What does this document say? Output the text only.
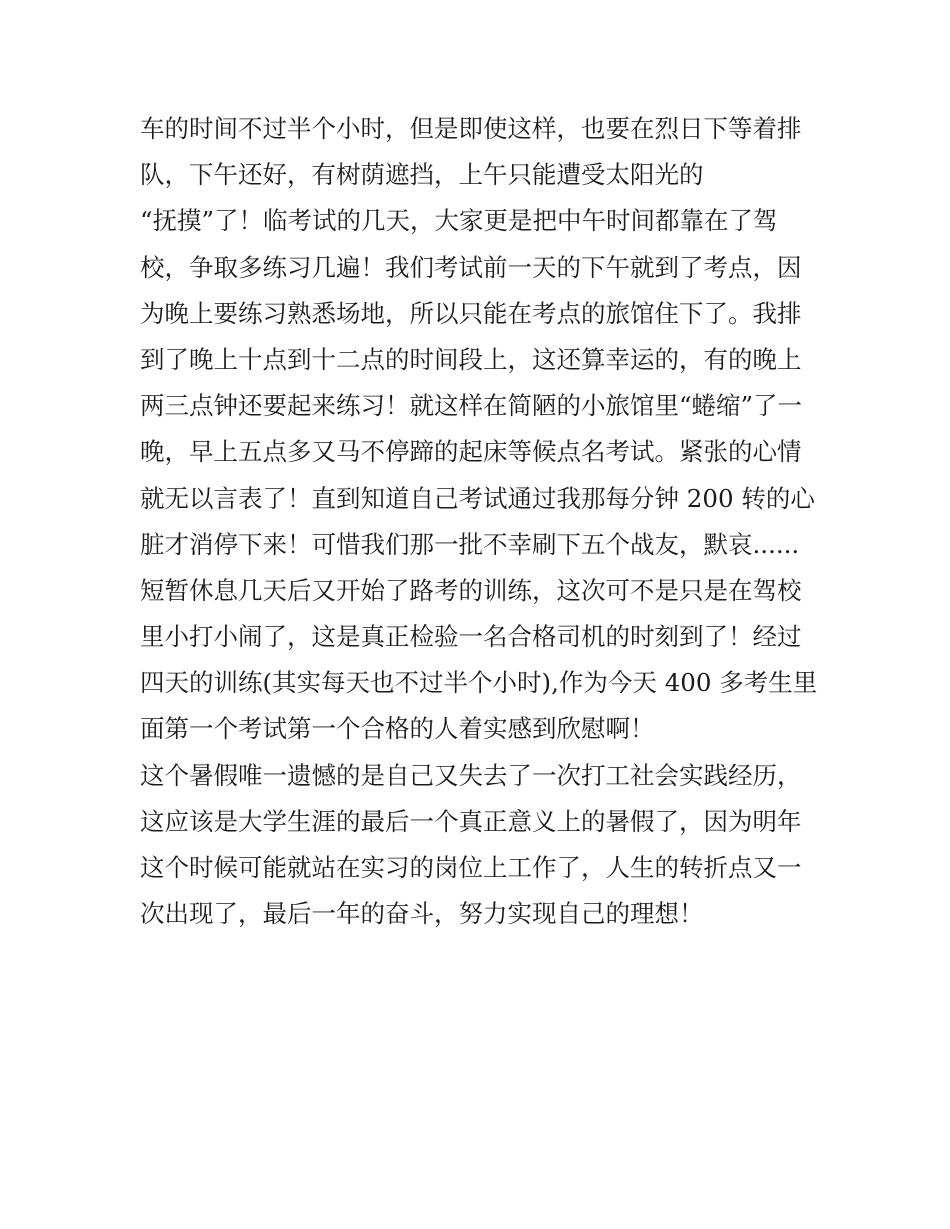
车的时间不过半个小时，但是即使这样，也要在烈日下等着排
队，下午还好，有树荫遮挡，上午只能遭受太阳光的
“抚摸”了！临考试的几天，大家更是把中午时间都靠在了驾
校，争取多练习几遍！我们考试前一天的下午就到了考点，因
为晚上要练习熟悉场地，所以只能在考点的旅馆住下了。我排
到了晚上十点到十二点的时间段上，这还算幸运的，有的晚上
两三点钟还要起来练习！就这样在简陋的小旅馆里“蜷缩”了一
晚，早上五点多又马不停蹄的起床等候点名考试。紧张的心情
就无以言表了！直到知道自己考试通过我那每分钟 200 转的心
脏才消停下来！可惜我们那一批不幸刷下五个战友，默哀......
短暂休息几天后又开始了路考的训练，这次可不是只是在驾校
里小打小闹了，这是真正检验一名合格司机的时刻到了！经过
四天的训练(其实每天也不过半个小时),作为今天 400 多考生里
面第一个考试第一个合格的人着实感到欣慰啊！
这个暑假唯一遗憾的是自己又失去了一次打工社会实践经历，
这应该是大学生涯的最后一个真正意义上的暑假了，因为明年
这个时候可能就站在实习的岗位上工作了，人生的转折点又一
次出现了，最后一年的奋斗，努力实现自己的理想！
